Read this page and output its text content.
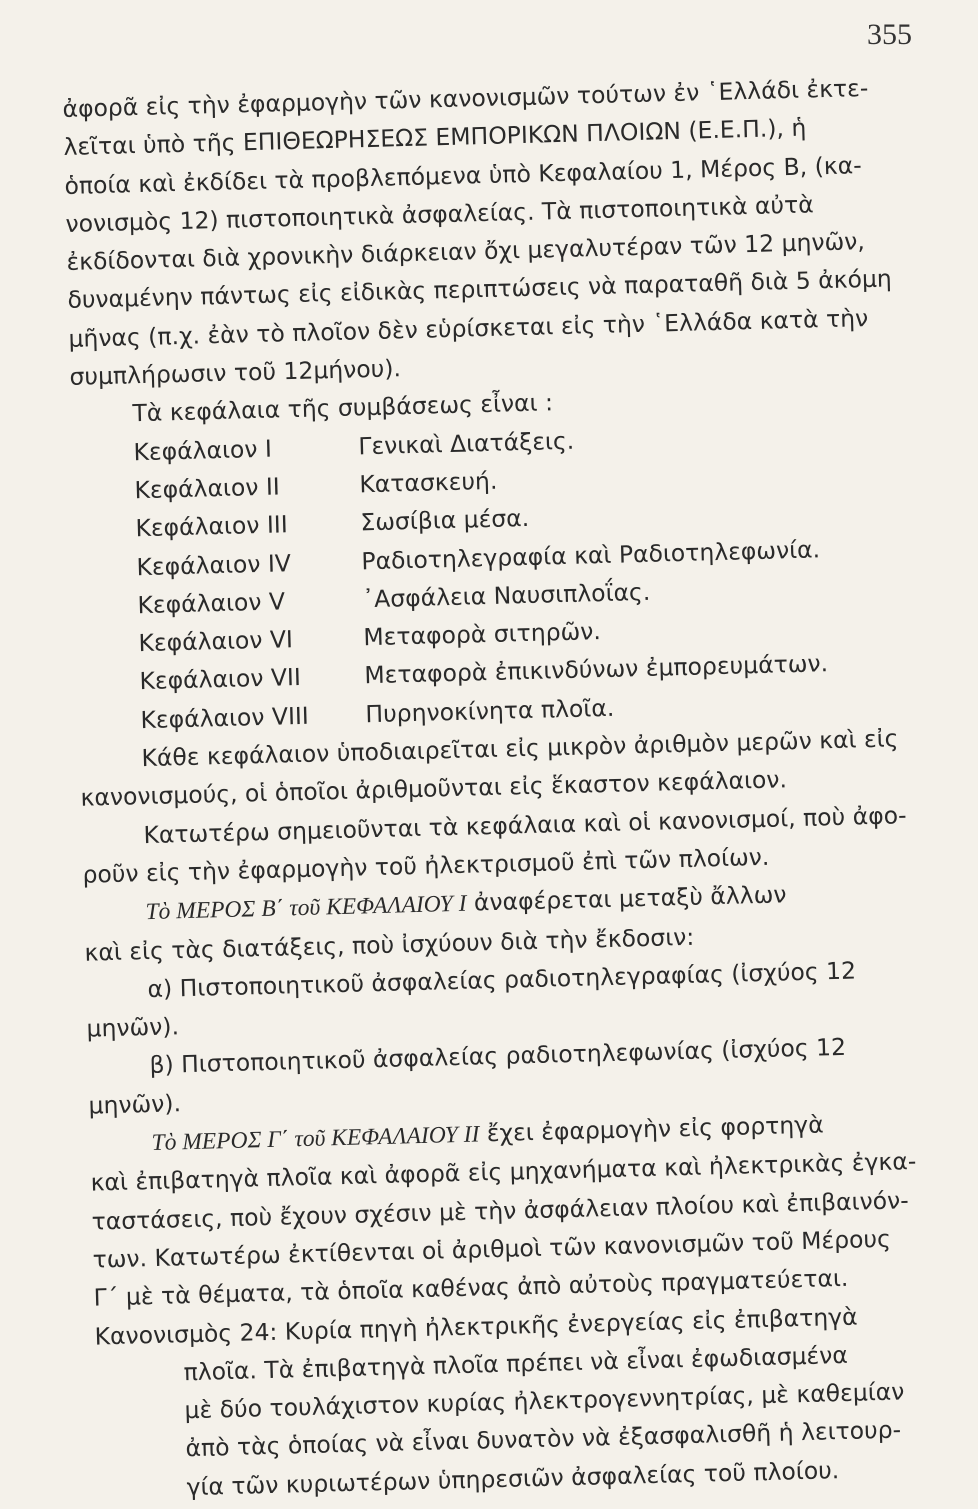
355
ἀφορᾶ εἰς τὴν ἐφαρμογὴν τῶν κανονισμῶν τούτων ἐν ῾Ελλάδι ἐκτε-
λεῖται ὑπὸ τῆς ΕΠΙΘΕΩΡΗΣΕΩΣ ΕΜΠΟΡΙΚΩΝ ΠΛΟΙΩΝ (Ε.Ε.Π.), ἡ
ὁποία καὶ ἐκδίδει τὰ προβλεπόμενα ὑπὸ Κεφαλαίου 1, Μέρος Β, (κα-
νονισμὸς 12) πιστοποιητικὰ ἀσφαλείας. Τὰ πιστοποιητικὰ αὐτὰ
ἐκδίδονται διὰ χρονικὴν διάρκειαν ὄχι μεγαλυτέραν τῶν 12 μηνῶν,
δυναμένην πάντως εἰς εἰδικὰς περιπτώσεις νὰ παραταθῆ διὰ 5 ἀκόμη
μῆνας (π.χ. ἐὰν τὸ πλοῖον δὲν εὑρίσκεται εἰς τὴν ῾Ελλάδα κατὰ τὴν
συμπλήρωσιν τοῦ 12μήνου).
Τὰ κεφάλαια τῆς συμβάσεως εἶναι :
Κεφάλαιον I	Γενικαὶ Διατάξεις.
Κεφάλαιον II	Κατασκευή.
Κεφάλαιον III	Σωσίβια μέσα.
Κεφάλαιον IV	Ραδιοτηλεγραφία καὶ Ραδιοτηλεφωνία.
Κεφάλαιον V	᾿Ασφάλεια Ναυσιπλοΐας.
Κεφάλαιον VI	Μεταφορὰ σιτηρῶν.
Κεφάλαιον VII	Μεταφορὰ ἐπικινδύνων ἐμπορευμάτων.
Κεφάλαιον VIII Πυρηνοκίνητα πλοῖα.
Κάθε κεφάλαιον ὑποδιαιρεῖται εἰς μικρὸν ἀριθμὸν μερῶν καὶ εἰς
κανονισμούς, οἱ ὁποῖοι ἀριθμοῦνται εἰς ἕκαστον κεφάλαιον.
Κατωτέρω σημειοῦνται τὰ κεφάλαια καὶ οἱ κανονισμοί, ποὺ ἀφο-
ροῦν εἰς τὴν ἐφαρμογὴν τοῦ ἠλεκτρισμοῦ ἐπὶ τῶν πλοίων.
Τὸ ΜΕΡΟΣ Β΄ τοῦ ΚΕΦΑΛΑΙΟΥ Ι ἀναφέρεται μεταξὺ ἄλλων
καὶ εἰς τὰς διατάξεις, ποὺ ἰσχύουν διὰ τὴν ἔκδοσιν:
α) Πιστοποιητικοῦ ἀσφαλείας ραδιοτηλεγραφίας (ἰσχύος 12
μηνῶν).
β) Πιστοποιητικοῦ ἀσφαλείας ραδιοτηλεφωνίας (ἰσχύος 12
μηνῶν).
Τὸ ΜΕΡΟΣ Γ΄ τοῦ ΚΕΦΑΛΑΙΟΥ ΙΙ ἔχει ἐφαρμογὴν εἰς φορτηγὰ
καὶ ἐπιβατηγὰ πλοῖα καὶ ἀφορᾶ εἰς μηχανήματα καὶ ἠλεκτρικὰς ἐγκα-
ταστάσεις, ποὺ ἔχουν σχέσιν μὲ τὴν ἀσφάλειαν πλοίου καὶ ἐπιβαινόν-
των. Κατωτέρω ἐκτίθενται οἱ ἀριθμοὶ τῶν κανονισμῶν τοῦ Μέρους
Γ΄ μὲ τὰ θέματα, τὰ ὁποῖα καθένας ἀπὸ αὐτοὺς πραγματεύεται.
Κανονισμὸς 24: Κυρία πηγὴ ἠλεκτρικῆς ἐνεργείας εἰς ἐπιβατηγὰ
πλοῖα. Τὰ ἐπιβατηγὰ πλοῖα πρέπει νὰ εἶναι ἐφωδιασμένα
μὲ δύο τουλάχιστον κυρίας ἠλεκτρογεννητρίας, μὲ καθεμίαν
ἀπὸ τὰς ὁποίας νὰ εἶναι δυνατὸν νὰ ἐξασφαλισθῆ ἡ λειτουρ-
γία τῶν κυριωτέρων ὑπηρεσιῶν ἀσφαλείας τοῦ πλοίου.
